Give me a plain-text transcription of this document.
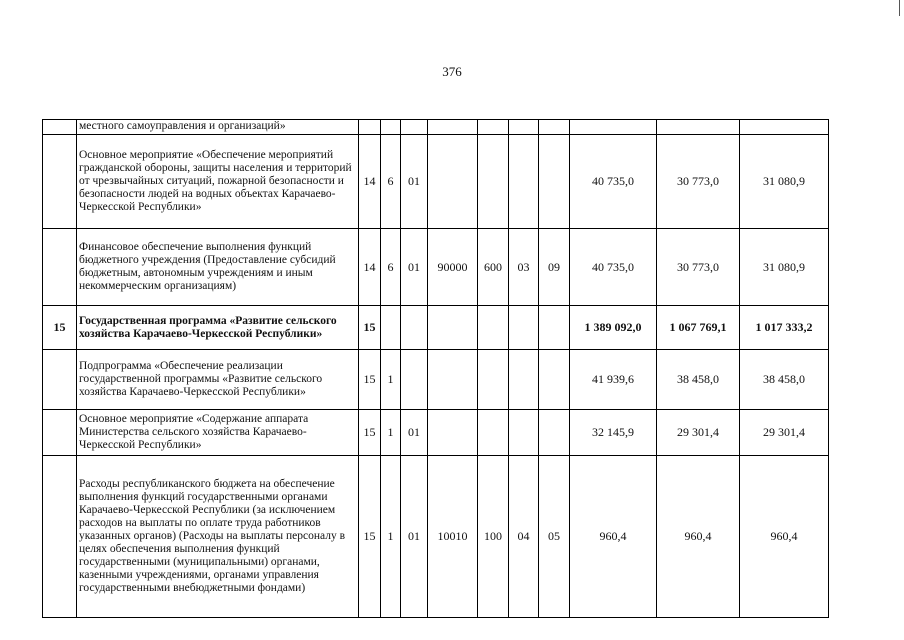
376
	местного самоуправления и организаций»										
	Основное мероприятие «Обеспечение мероприятий гражданской обороны, защиты населения и территорий от чрезвычайных ситуаций, пожарной безопасности и безопасности людей на водных объектах Карачаево-Черкесской Республики»	14	6	01					40 735,0	30 773,0	31 080,9
	Финансовое обеспечение выполнения функций бюджетного учреждения (Предоставление субсидий бюджетным, автономным учреждениям и иным некоммерческим организациям)	14	6	01	90000	600	03	09	40 735,0	30 773,0	31 080,9
15	Государственная программа «Развитие сельского хозяйства Карачаево-Черкесской Республики»	15							1 389 092,0	1 067 769,1	1 017 333,2
	Подпрограмма «Обеспечение реализации государственной программы «Развитие сельского хозяйства Карачаево-Черкесской Республики»	15	1						41 939,6	38 458,0	38 458,0
	Основное мероприятие «Содержание аппарата Министерства сельского хозяйства Карачаево-Черкесской Республики»	15	1	01					32 145,9	29 301,4	29 301,4
	Расходы республиканского бюджета на обеспечение выполнения функций государственными органами Карачаево-Черкесской Республики (за исключением расходов на выплаты по оплате труда работников указанных органов) (Расходы на выплаты персоналу в целях обеспечения выполнения функций государственными (муниципальными) органами, казенными учреждениями, органами управления государственными внебюджетными фондами)	15	1	01	10010	100	04	05	960,4	960,4	960,4
